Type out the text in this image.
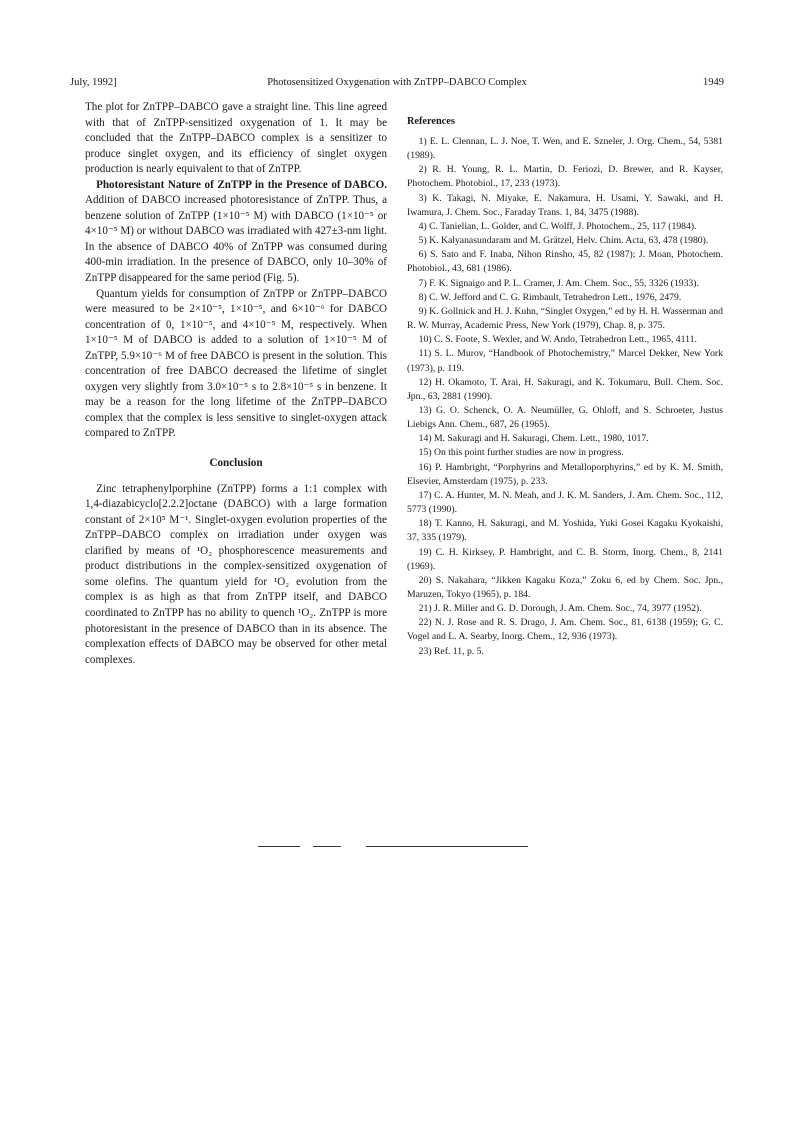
July, 1992]	Photosensitized Oxygenation with ZnTPP–DABCO Complex	1949

The plot for ZnTPP–DABCO gave a straight line. This line agreed with that of ZnTPP-sensitized oxygenation of 1. It may be concluded that the ZnTPP–DABCO complex is a sensitizer to produce singlet oxygen, and its efficiency of singlet oxygen production is nearly equivalent to that of ZnTPP.

Photoresistant Nature of ZnTPP in the Presence of DABCO. Addition of DABCO increased photoresistance of ZnTPP. Thus, a benzene solution of ZnTPP (1×10⁻⁵ M) with DABCO (1×10⁻⁵ or 4×10⁻⁵ M) or without DABCO was irradiated with 427±3-nm light. In the absence of DABCO 40% of ZnTPP was consumed during 400-min irradiation. In the presence of DABCO, only 10–30% of ZnTPP disappeared for the same period (Fig. 5).

Quantum yields for consumption of ZnTPP or ZnTPP–DABCO were measured to be 2×10⁻⁵, 1×10⁻⁵, and 6×10⁻⁶ for DABCO concentration of 0, 1×10⁻⁵, and 4×10⁻⁵ M, respectively. When 1×10⁻⁵ M of DABCO is added to a solution of 1×10⁻⁵ M of ZnTPP, 5.9×10⁻⁶ M of free DABCO is present in the solution. This concentration of free DABCO decreased the lifetime of singlet oxygen very slightly from 3.0×10⁻⁵ s to 2.8×10⁻⁵ s in benzene. It may be a reason for the long lifetime of the ZnTPP–DABCO complex that the complex is less sensitive to singlet-oxygen attack compared to ZnTPP.

Conclusion

Zinc tetraphenylporphine (ZnTPP) forms a 1:1 complex with 1,4-diazabicyclo[2.2.2]octane (DABCO) with a large formation constant of 2×10⁵ M⁻¹. Singlet-oxygen evolution properties of the ZnTPP–DABCO complex on irradiation under oxygen was clarified by means of ¹O₂ phosphorescence measurements and product distributions in the complex-sensitized oxygenation of some olefins. The quantum yield for ¹O₂ evolution from the complex is as high as that from ZnTPP itself, and DABCO coordinated to ZnTPP has no ability to quench ¹O₂. ZnTPP is more photoresistant in the presence of DABCO than in its absence. The complexation effects of DABCO may be observed for other metal complexes.

References

1) E. L. Clennan, L. J. Noe, T. Wen, and E. Szneler, J. Org. Chem., 54, 5381 (1989).

2) R. H. Young, R. L. Martin, D. Feriozi, D. Brewer, and R. Kayser, Photochem. Photobiol., 17, 233 (1973).

3) K. Takagi, N. Miyake, E. Nakamura, H. Usami, Y. Sawaki, and H. Iwamura, J. Chem. Soc., Faraday Trans. 1, 84, 3475 (1988).

4) C. Tanielian, L. Golder, and C. Wolff, J. Photochem., 25, 117 (1984).

5) K. Kalyanasundaram and M. Grätzel, Helv. Chim. Acta, 63, 478 (1980).

6) S. Sato and F. Inaba, Nihon Rinsho, 45, 82 (1987); J. Moan, Photochem. Photobiol., 43, 681 (1986).

7) F. K. Signaigo and P. L. Cramer, J. Am. Chem. Soc., 55, 3326 (1933).

8) C. W. Jefford and C. G. Rimbault, Tetrahedron Lett., 1976, 2479.

9) K. Gollnick and H. J. Kuhn, “Singlet Oxygen,” ed by H. H. Wasserman and R. W. Murray, Academic Press, New York (1979), Chap. 8, p. 375.

10) C. S. Foote, S. Wexler, and W. Ando, Tetrahedron Lett., 1965, 4111.

11) S. L. Murov, “Handbook of Photochemistry,” Marcel Dekker, New York (1973), p. 119.

12) H. Okamoto, T. Arai, H. Sakuragi, and K. Tokumaru, Bull. Chem. Soc. Jpn., 63, 2881 (1990).

13) G. O. Schenck, O. A. Neumüller, G. Ohloff, and S. Schroeter, Justus Liebigs Ann. Chem., 687, 26 (1965).

14) M. Sakuragi and H. Sakuragi, Chem. Lett., 1980, 1017.

15) On this point further studies are now in progress.

16) P. Hambright, “Porphyrins and Metalloporphyrins,” ed by K. M. Smith, Elsevier, Amsterdam (1975), p. 233.

17) C. A. Hunter, M. N. Meah, and J. K. M. Sanders, J. Am. Chem. Soc., 112, 5773 (1990).

18) T. Kanno, H. Sakuragi, and M. Yoshida, Yuki Gosei Kagaku Kyokaishi, 37, 335 (1979).

19) C. H. Kirksey, P. Hambright, and C. B. Storm, Inorg. Chem., 8, 2141 (1969).

20) S. Nakahara, “Jikken Kagaku Koza,” Zoku 6, ed by Chem. Soc. Jpn., Maruzen, Tokyo (1965), p. 184.

21) J. R. Miller and G. D. Dorough, J. Am. Chem. Soc., 74, 3977 (1952).

22) N. J. Rose and R. S. Drago, J. Am. Chem. Soc., 81, 6138 (1959); G. C. Vogel and L. A. Searby, Inorg. Chem., 12, 936 (1973).

23) Ref. 11, p. 5.
